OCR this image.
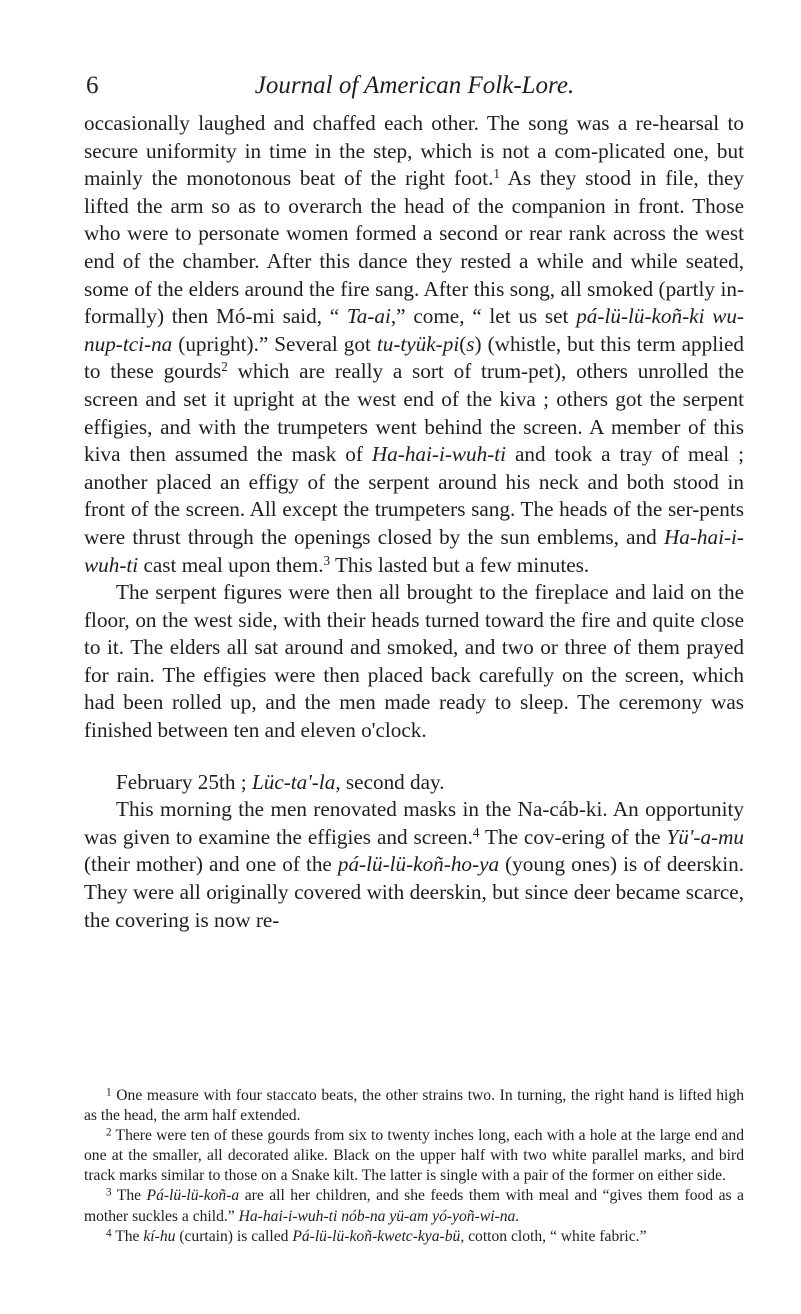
6	Journal of American Folk-Lore.

occasionally laughed and chaffed each other. The song was a re-hearsal to secure uniformity in time in the step, which is not a com-plicated one, but mainly the monotonous beat of the right foot.$^1$ As they stood in file, they lifted the arm so as to overarch the head of the companion in front. Those who were to personate women formed a second or rear rank across the west end of the chamber. After this dance they rested a while and while seated, some of the elders around the fire sang. After this song, all smoked (partly in-formally) then Mó-mi said, “ Ta-ai,” come, “ let us set pá-lü-lü-koñ-ki wu-nup-tci-na (upright).” Several got tu-tyük-pi(s) (whistle, but this term applied to these gourds$^2$ which are really a sort of trum-pet), others unrolled the screen and set it upright at the west end of the kiva ; others got the serpent effigies, and with the trumpeters went behind the screen. A member of this kiva then assumed the mask of Ha-hai-i-wuh-ti and took a tray of meal ; another placed an effigy of the serpent around his neck and both stood in front of the screen. All except the trumpeters sang. The heads of the ser-pents were thrust through the openings closed by the sun emblems, and Ha-hai-i-wuh-ti cast meal upon them.$^3$ This lasted but a few minutes.

The serpent figures were then all brought to the fireplace and laid on the floor, on the west side, with their heads turned toward the fire and quite close to it. The elders all sat around and smoked, and two or three of them prayed for rain. The effigies were then placed back carefully on the screen, which had been rolled up, and the men made ready to sleep. The ceremony was finished between ten and eleven o'clock.

February 25th ; Lüc-ta'-la, second day.

This morning the men renovated masks in the Na-cáb-ki. An opportunity was given to examine the effigies and screen.$^4$ The cov-ering of the Yü'-a-mu (their mother) and one of the pá-lü-lü-koñ-ho-ya (young ones) is of deerskin. They were all originally covered with deerskin, but since deer became scarce, the covering is now re-

$^1$ One measure with four staccato beats, the other strains two. In turning, the right hand is lifted high as the head, the arm half extended.

$^2$ There were ten of these gourds from six to twenty inches long, each with a hole at the large end and one at the smaller, all decorated alike. Black on the upper half with two white parallel marks, and bird track marks similar to those on a Snake kilt. The latter is single with a pair of the former on either side.

$^3$ The Pá-lü-lü-koñ-a are all her children, and she feeds them with meal and “gives them food as a mother suckles a child.” Ha-hai-i-wuh-ti nób-na yü-am yó-yoñ-wi-na.

$^4$ The kí-hu (curtain) is called Pá-lü-lü-koñ-kwetc-kya-bü, cotton cloth, “ white fabric.”
